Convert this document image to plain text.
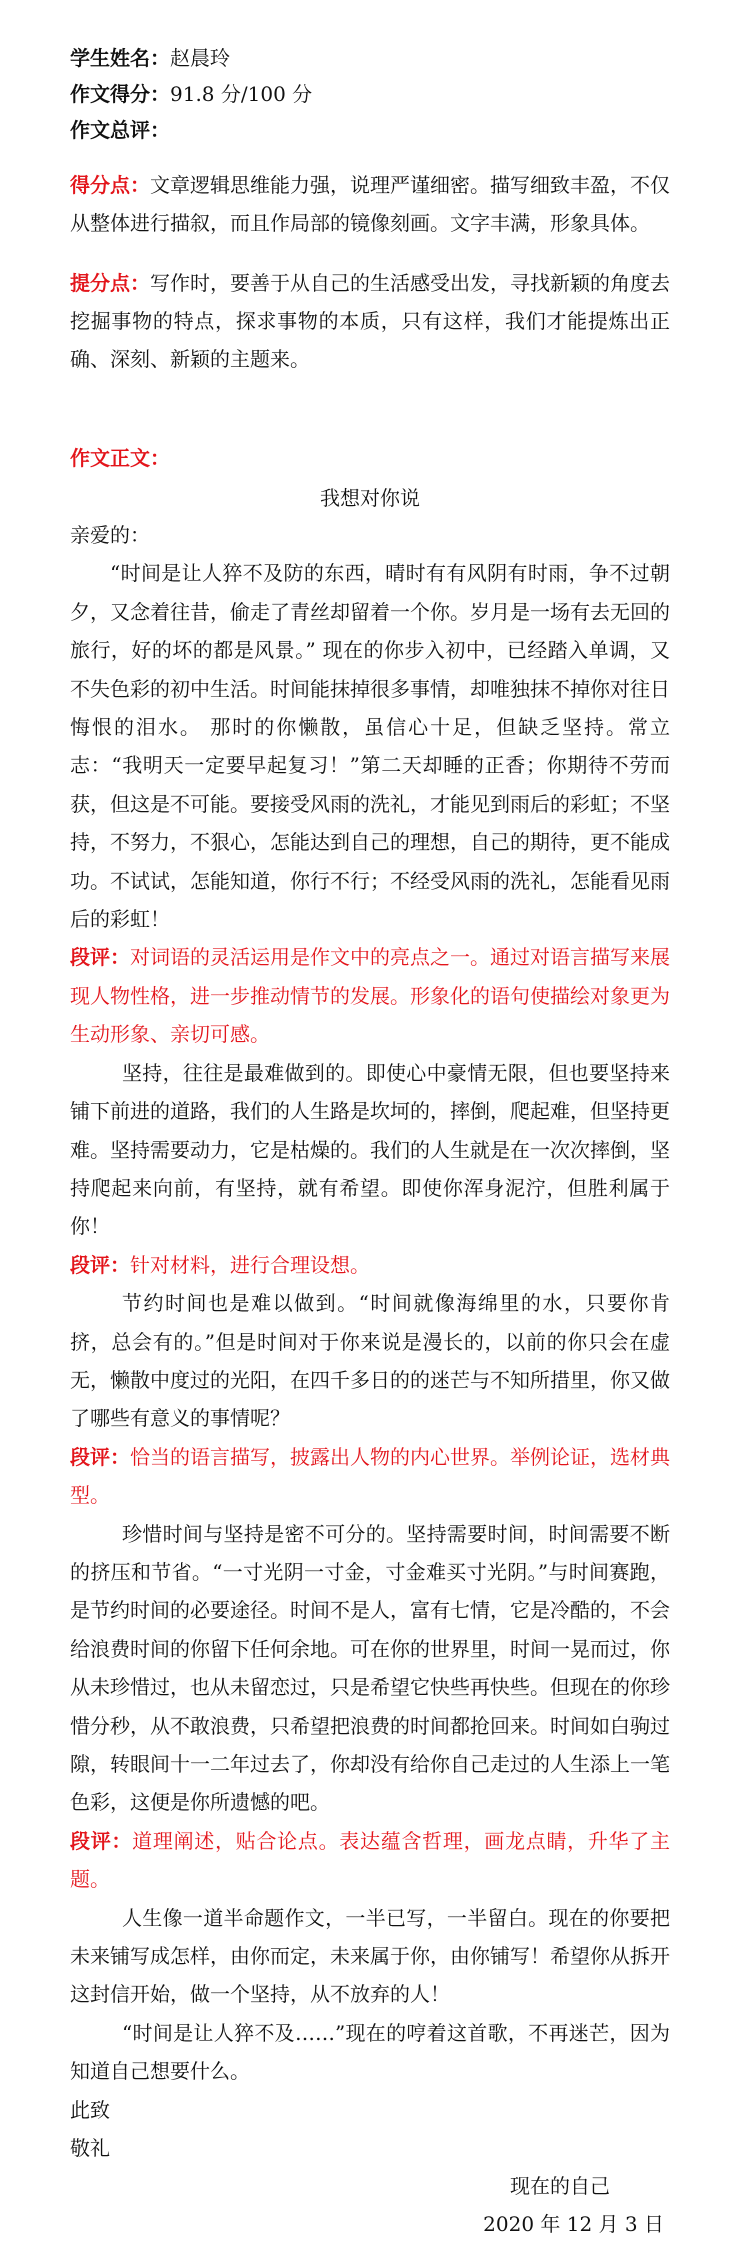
学生姓名：赵晨玲

作文得分：91.8 分/100 分

作文总评：

得分点：文章逻辑思维能力强，说理严谨细密。描写细致丰盈，不仅从整体进行描叙，而且作局部的镜像刻画。文字丰满，形象具体。

提分点：写作时，要善于从自己的生活感受出发，寻找新颖的角度去挖掘事物的特点，探求事物的本质，只有这样，我们才能提炼出正确、深刻、新颖的主题来。

作文正文：

我想对你说

亲爱的：

“时间是让人猝不及防的东西，晴时有有风阴有时雨，争不过朝夕，又念着往昔，偷走了青丝却留着一个你。岁月是一场有去无回的旅行，好的坏的都是风景。” 现在的你步入初中，已经踏入单调，又不失色彩的初中生活。时间能抹掉很多事情，却唯独抹不掉你对往日悔恨的泪水。 那时的你懒散，虽信心十足，但缺乏坚持。常立志：“我明天一定要早起复习！”第二天却睡的正香；你期待不劳而获，但这是不可能。要接受风雨的洗礼，才能见到雨后的彩虹；不坚持，不努力，不狠心，怎能达到自己的理想，自己的期待，更不能成功。不试试，怎能知道，你行不行；不经受风雨的洗礼，怎能看见雨后的彩虹！

段评：对词语的灵活运用是作文中的亮点之一。通过对语言描写来展现人物性格，进一步推动情节的发展。形象化的语句使描绘对象更为生动形象、亲切可感。

坚持，往往是最难做到的。即使心中豪情无限，但也要坚持来铺下前进的道路，我们的人生路是坎坷的，摔倒，爬起难，但坚持更难。坚持需要动力，它是枯燥的。我们的人生就是在一次次摔倒，坚持爬起来向前，有坚持，就有希望。即使你浑身泥泞，但胜利属于你！

段评：针对材料，进行合理设想。

节约时间也是难以做到。“时间就像海绵里的水，只要你肯挤，总会有的。”但是时间对于你来说是漫长的，以前的你只会在虚无，懒散中度过的光阳，在四千多日的的迷芒与不知所措里，你又做了哪些有意义的事情呢？

段评：恰当的语言描写，披露出人物的内心世界。举例论证，选材典型。

珍惜时间与坚持是密不可分的。坚持需要时间，时间需要不断的挤压和节省。“一寸光阴一寸金，寸金难买寸光阴。”与时间赛跑，是节约时间的必要途径。时间不是人，富有七情，它是冷酷的，不会给浪费时间的你留下任何余地。可在你的世界里，时间一晃而过，你从未珍惜过，也从未留恋过，只是希望它快些再快些。但现在的你珍惜分秒，从不敢浪费，只希望把浪费的时间都抢回来。时间如白驹过隙，转眼间十一二年过去了，你却没有给你自己走过的人生添上一笔色彩，这便是你所遗憾的吧。

段评：道理阐述，贴合论点。表达蕴含哲理，画龙点睛，升华了主题。

人生像一道半命题作文，一半已写，一半留白。现在的你要把未来铺写成怎样，由你而定，未来属于你，由你铺写！希望你从拆开这封信开始，做一个坚持，从不放弃的人！

“时间是让人猝不及……”现在的哼着这首歌，不再迷芒，因为知道自己想要什么。

此致

敬礼

现在的自己

2020 年 12 月 3 日
